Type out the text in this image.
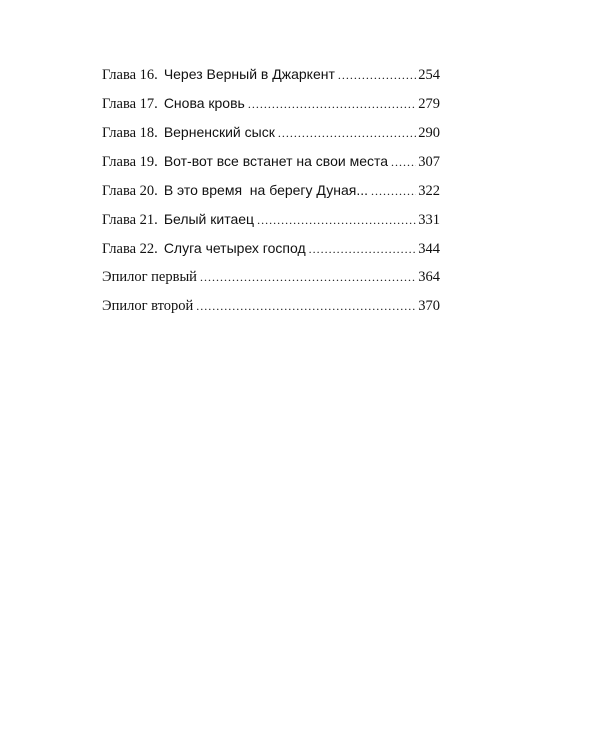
Глава 16. Через Верный в Джаркент .....	254
Глава 17. Снова кровь .....	279
Глава 18. Верненский сыск .....	290
Глава 19. Вот-вот все встанет на свои места ..... 307
Глава 20. В это время  на берегу Дуная... .....	322
Глава 21. Белый китаец .....	331
Глава 22. Слуга четырех господ .....	344
Эпилог первый .....	364
Эпилог второй .....	370
